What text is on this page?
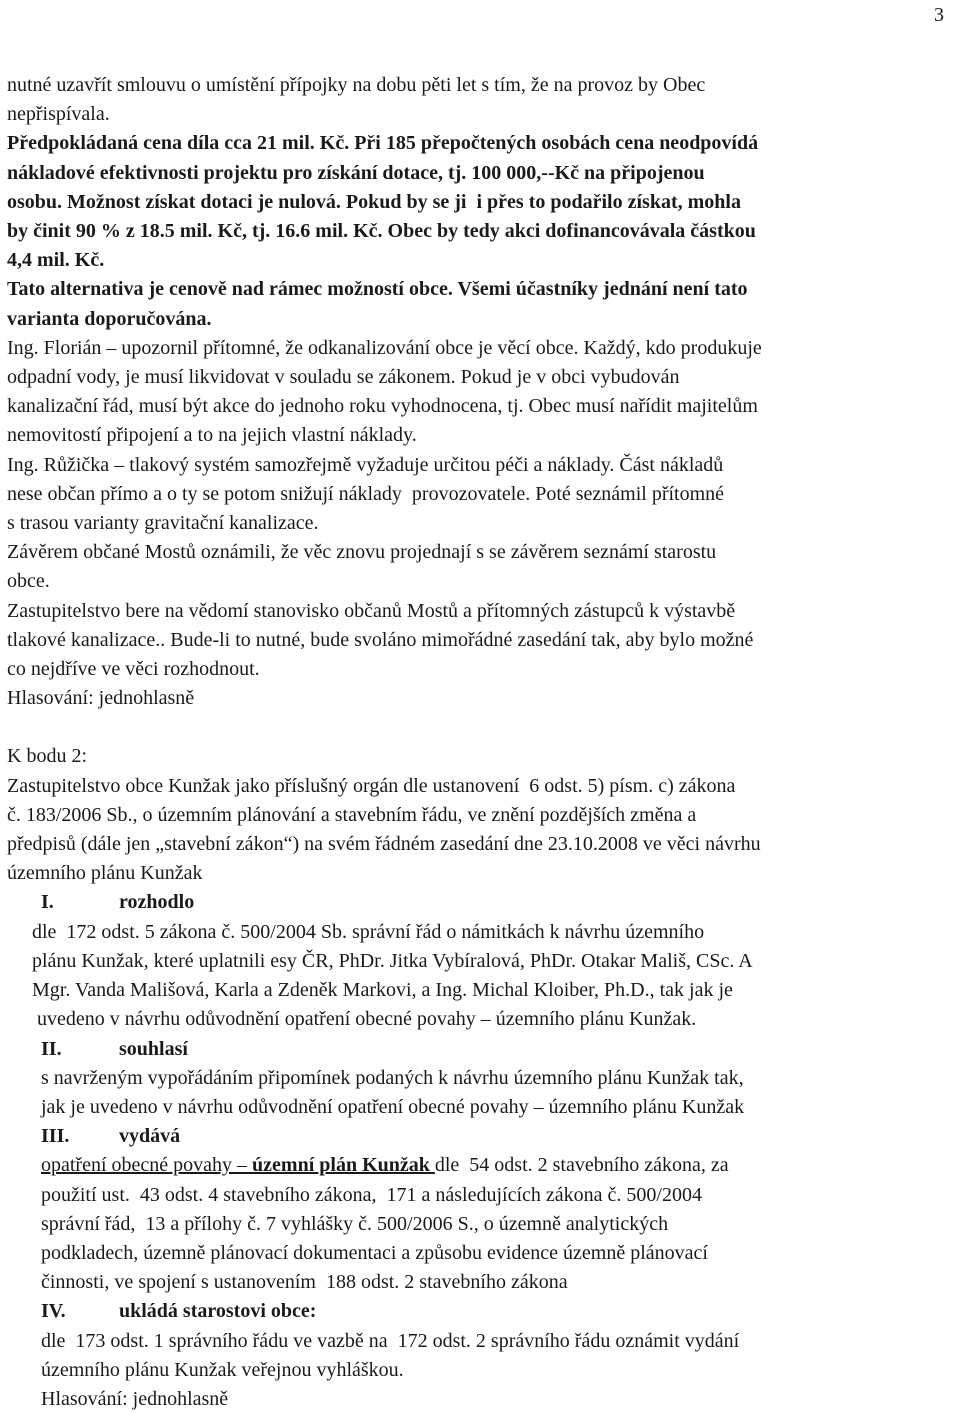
3
nutné uzavřít smlouvu o umístění přípojky na dobu pěti let s tím, že na provoz by Obec
nepřispívala.
Předpokládaná cena díla cca 21 mil. Kč. Při 185 přepočtených osobách cena neodpovídá
nákladové efektivnosti projektu pro získání dotace, tj. 100 000,--Kč na připojenou
osobu. Možnost získat dotaci je nulová. Pokud by se ji  i přes to podařilo získat, mohla
by činit 90 % z 18.5 mil. Kč, tj. 16.6 mil. Kč. Obec by tedy akci dofinancovávala částkou
4,4 mil. Kč.
Tato alternativa je cenově nad rámec možností obce. Všemi účastníky jednání není tato
varianta doporučována.
Ing. Florián – upozornil přítomné, že odkanalizování obce je věcí obce. Každý, kdo produkuje
odpadní vody, je musí likvidovat v souladu se zákonem. Pokud je v obci vybudován
kanalizační řád, musí být akce do jednoho roku vyhodnocena, tj. Obec musí nařídit majitelům
nemovitostí připojení a to na jejich vlastní náklady.
Ing. Růžička – tlakový systém samozřejmě vyžaduje určitou péči a náklady. Část nákladů
nese občan přímo a o ty se potom snižují náklady  provozovatele. Poté seznámil přítomné
s trasou varianty gravitační kanalizace.
Závěrem občané Mostů oznámili, že věc znovu projednají s se závěrem seznámí starostu
obce.
Zastupitelstvo bere na vědomí stanovisko občanů Mostů a přítomných zástupců k výstavbě
tlakové kanalizace.. Bude-li to nutné, bude svoláno mimořádné zasedání tak, aby bylo možné
co nejdříve ve věci rozhodnout.
Hlasování: jednohlasně
K bodu 2:
Zastupitelstvo obce Kunžak jako příslušný orgán dle ustanovení  6 odst. 5) písm. c) zákona
č. 183/2006 Sb., o územním plánování a stavebním řádu, ve znění pozdějších změna a
předpisů (dále jen „stavební zákon“) na svém řádném zasedání dne 23.10.2008 ve věci návrhu
územního plánu Kunžak
I.	rozhodlo
dle  172 odst. 5 zákona č. 500/2004 Sb. správní řád o námitkách k návrhu územního
plánu Kunžak, které uplatnili esy ČR, PhDr. Jitka Vybíralová, PhDr. Otakar Mališ, CSc. A
Mgr. Vanda Mališová, Karla a Zdeněk Markovi, a Ing. Michal Kloiber, Ph.D., tak jak je
uvedeno v návrhu odůvodnění opatření obecné povahy – územního plánu Kunžak.
II.	souhlasí
s navrženým vypořádáním připomínek podaných k návrhu územního plánu Kunžak tak,
jak je uvedeno v návrhu odůvodnění opatření obecné povahy – územního plánu Kunžak
III. vydává
opatření obecné povahy – územní plán Kunžak dle  54 odst. 2 stavebního zákona, za
použití ust.  43 odst. 4 stavebního zákona,  171 a následujících zákona č. 500/2004
správní řád,  13 a přílohy č. 7 vyhlášky č. 500/2006 S., o územně analytických
podkladech, územně plánovací dokumentaci a způsobu evidence územně plánovací
činnosti, ve spojení s ustanovením  188 odst. 2 stavebního zákona
IV.	ukládá starostovi obce:
dle  173 odst. 1 správního řádu ve vazbě na  172 odst. 2 správního řádu oznámit vydání
územního plánu Kunžak veřejnou vyhláškou.
Hlasování: jednohlasně
